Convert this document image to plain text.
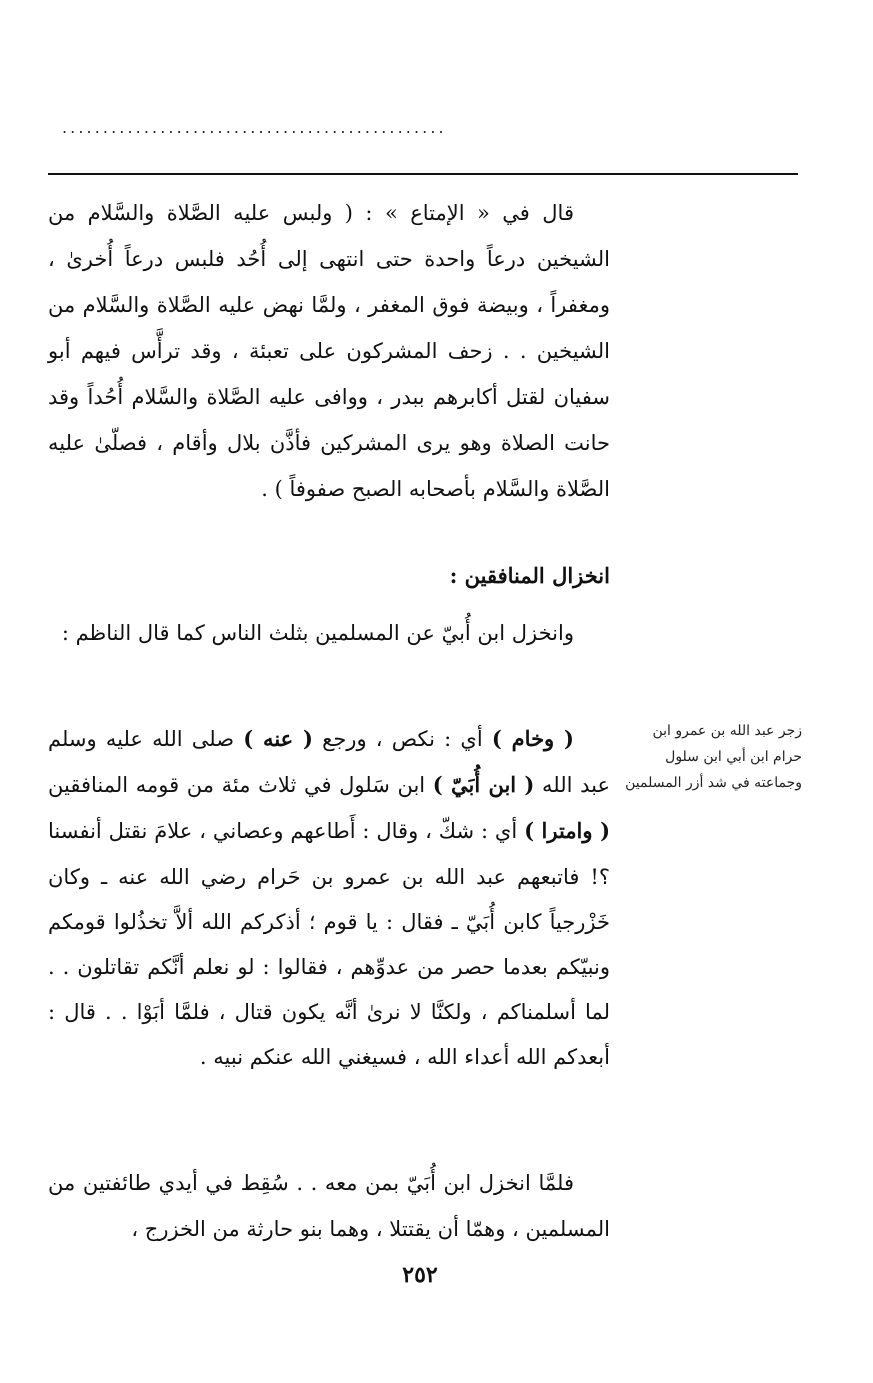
...............................................

قال في « الإمتاع » : ( ولبس عليه الصَّلاة والسَّلام من الشيخين درعاً واحدة حتى انتهى إلى أُحُد فلبس درعاً أُخرىٰ ، ومغفراً ، وبيضة فوق المغفر ، ولمَّا نهض عليه الصَّلاة والسَّلام من الشيخين . . زحف المشركون على تعبئة ، وقد ترأَّس فيهم أبو سفيان لقتل أكابرهم ببدر ، ووافى عليه الصَّلاة والسَّلام أُحُداً وقد حانت الصلاة وهو يرى المشركين فأذَّن بلال وأقام ، فصلّىٰ عليه الصَّلاة والسَّلام بأصحابه الصبح صفوفاً ) .

انخزال المنافقين :
وانخزل ابن أُبيّ عن المسلمين بثلث الناس كما قال الناظم :
( وخام ) أي : نكص ، ورجع ( عنه ) صلى الله عليه وسلم عبد الله ( ابن أُبَيّ ) ابن سَلول في ثلاث مئة من قومه المنافقين ( وامترا ) أي : شكّ ، وقال : أَطاعهم وعصاني ، علامَ نقتل أنفسنا ؟! فاتبعهم عبد الله بن عمرو بن حَرام رضي الله عنه ـ وكان خَزْرجياً كابن أُبَيّ ـ فقال : يا قوم ؛ أذكركم الله ألاَّ تخذُلوا قومكم ونبيّكم بعدما حصر من عدوِّهم ، فقالوا : لو نعلم أنَّكم تقاتلون . . لما أسلمناكم ، ولكنَّا لا نرىٰ أنَّه يكون قتال ، فلمَّا أبَوْا . . قال : أبعدكم الله أعداء الله ، فسيغني الله عنكم نبيه .
فلمَّا انخزل ابن أُبَيّ بمن معه . . سُقِط في أيدي طائفتين من المسلمين ، وهمّا أن يقتتلا ، وهما بنو حارثة من الخزرج ،
زجر عبد الله بن عمرو ابن حرام ابن أبي ابن سلول وجماعته في شد أزر المسلمين
٢٥٢
